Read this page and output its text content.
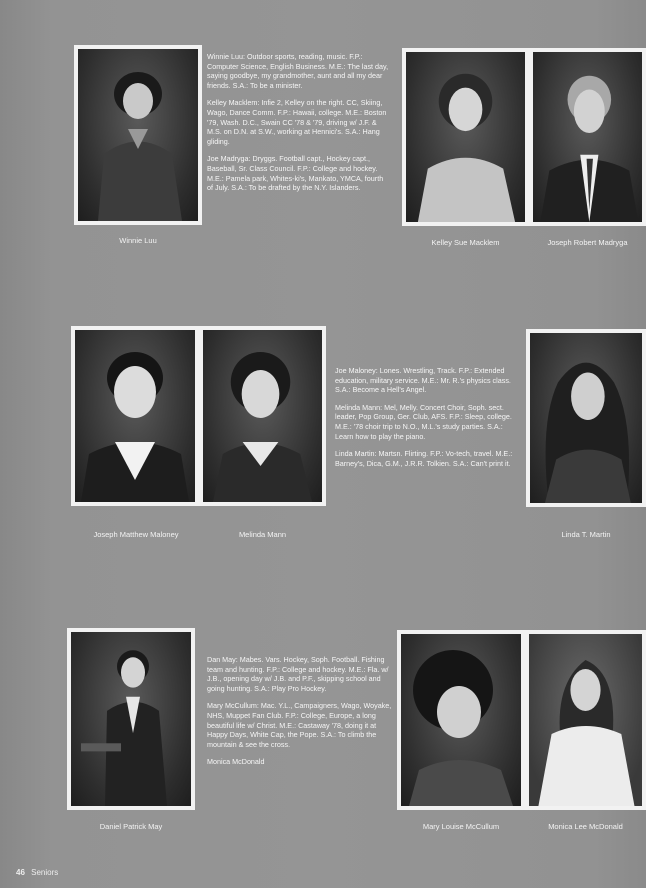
Winnie Luu

Winnie Luu: Outdoor sports, reading, music. F.P.: Computer Science, English Business. M.E.: The last day, saying goodbye, my grandmother, aunt and all my dear friends. S.A.: To be a minister.

Kelley Macklem: Infie 2, Kelley on the right. CC, Skiing, Wago, Dance Comm. F.P.: Hawaii, college. M.E.: Boston '79, Wash. D.C., Swain CC '78 & '79, driving w/ J.F. & M.S. on D.N. at S.W., working at Hennici's. S.A.: Hang gliding.

Joe Madryga: Dryggs. Football capt., Hockey capt., Baseball, Sr. Class Council. F.P.: College and hockey. M.E.: Pamela park, Whites-ki's, Mankato, YMCA, fourth of July. S.A.: To be drafted by the N.Y. Islanders.

Kelley Sue Macklem	Joseph Robert Madryga
Joseph Matthew Maloney	Melinda Mann

Joe Maloney: Lones. Wrestling, Track. F.P.: Extended education, military service. M.E.: Mr. R.'s physics class. S.A.: Become a Hell's Angel.

Melinda Mann: Mel, Melly. Concert Choir, Soph. sect. leader, Pop Group, Ger. Club, AFS. F.P.: Sleep, college. M.E.: '78 choir trip to N.O., M.L.'s study parties. S.A.: Learn how to play the piano.

Linda Martin: Martsn. Flirting. F.P.: Vo-tech, travel. M.E.: Barney's, Dica, G.M., J.R.R. Tolkien. S.A.: Can't print it.

Linda T. Martin
Daniel Patrick May

Dan May: Mabes. Vars. Hockey, Soph. Football. Fishing team and hunting. F.P.: College and hockey. M.E.: Fla. w/ J.B., opening day w/ J.B. and P.F., skipping school and going hunting. S.A.: Play Pro Hockey.

Mary McCullum: Mac. Y.L., Campaigners, Wago, Woyake, NHS, Muppet Fan Club. F.P.: College, Europe, a long beautiful life w/ Christ. M.E.: Castaway '78, doing it at Happy Days, White Cap, the Pope. S.A.: To climb the mountain & see the cross.

Monica McDonald

Mary Louise McCullum	Monica Lee McDonald
46 Seniors
